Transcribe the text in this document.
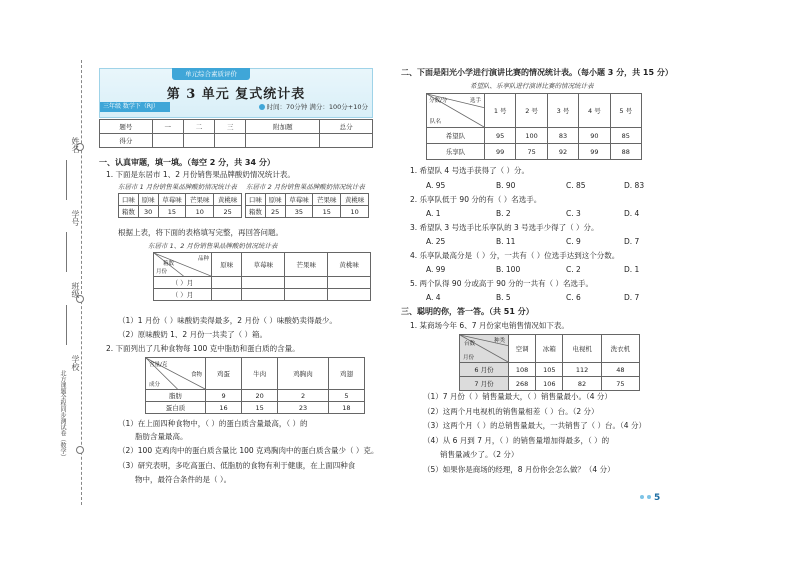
姓名
学号
班级
学校
北方课题全程同步测试卷（数学）
单元综合素质评价
第 3 单元 复式统计表
三年级 数学下（RJ）	时间：70分钟 满分：100分+10分
题号	一	二	三	附加题	总分
得分					
一、认真审题，填一填。（每空 2 分，共 34 分）
1. 下面是东居市 1、2 月份销售果品牌酸奶情况统计表。
东居市 1 月份销售果品牌酸奶情况统计表 东居市 2 月份销售果品牌酸奶情况统计表
口味	原味	草莓味	芒果味	黄桃味
箱数	30	15	10	25
口味	原味	草莓味	芒果味	黄桃味
箱数	25	35	15	10
根据上表，将下面的表格填写完整，再回答问题。
东居市 1、2 月份销售果品牌酸奶情况统计表
品种
箱数
月份	原味	草莓味	芒果味	黄桃味
（ ）月				
（ ）月				
（1）1 月份（ ）味酸奶卖得最多，2 月份（ ）味酸奶卖得最少。
（2）原味酸奶 1、2 月份一共卖了（ ）箱。
2. 下面列出了几种食物每 100 克中脂肪和蛋白质的含量。
含量/克
食物
成分	鸡蛋	牛肉	鸡胸肉	鸡翅
脂肪	9	20	2	5
蛋白质	16	15	23	18
（1）在上面四种食物中，（ ）的蛋白质含量最高，（ ）的
脂肪含量最高。
（2）100 克鸡肉中的蛋白质含量比 100 克鸡胸肉中的蛋白质含量少（ ）克。
（3）研究表明，多吃高蛋白、低脂肪的食物有利于健康，在上面四种食
物中，最符合条件的是（ ）。
二、下面是阳光小学进行演讲比赛的情况统计表。（每小题 3 分，共 15 分）
希望队、乐享队进行演讲比赛的情况统计表
分数/分 选手
队名	1 号	2 号	3 号	4 号	5 号
希望队	95	100	83	90	85
乐享队	99	75	92	99	88
1. 希望队 4 号选手获得了（ ）分。
A. 95	B. 90	C. 85	D. 83
2. 乐享队低于 90 分的有（ ）名选手。
A. 1	B. 2	C. 3	D. 4
3. 希望队 3 号选手比乐享队的 3 号选手少得了（ ）分。
A. 25	B. 11	C. 9	D. 7
4. 乐享队最高分是（ ）分，一共有（ ）位选手达到这个分数。
A. 99	B. 100	C. 2	D. 1
5. 两个队得 90 分或高于 90 分的一共有（ ）名选手。
A. 4	B. 5	C. 6	D. 7
三、聪明的你，答一答。（共 51 分）
1. 某商场今年 6、7 月份家电销售情况如下表。
种类
台数
月份	空调	冰箱	电视机	洗衣机
6 月份	108	105	112	48
7 月份	268	106	82	75
（1）7 月份（ ）销售量最大，（ ）销售量最小。（4 分）
（2）这两个月电视机的销售量相差（ ）台。（2 分）
（3）这两个月（ ）的总销售量最大，一共销售了（ ）台。（4 分）
（4）从 6 月到 7 月，（ ）的销售量增加得最多，（ ）的
销售量减少了。（2 分）
（5）如果你是商场的经理，8 月份你会怎么做？（4 分）
5
